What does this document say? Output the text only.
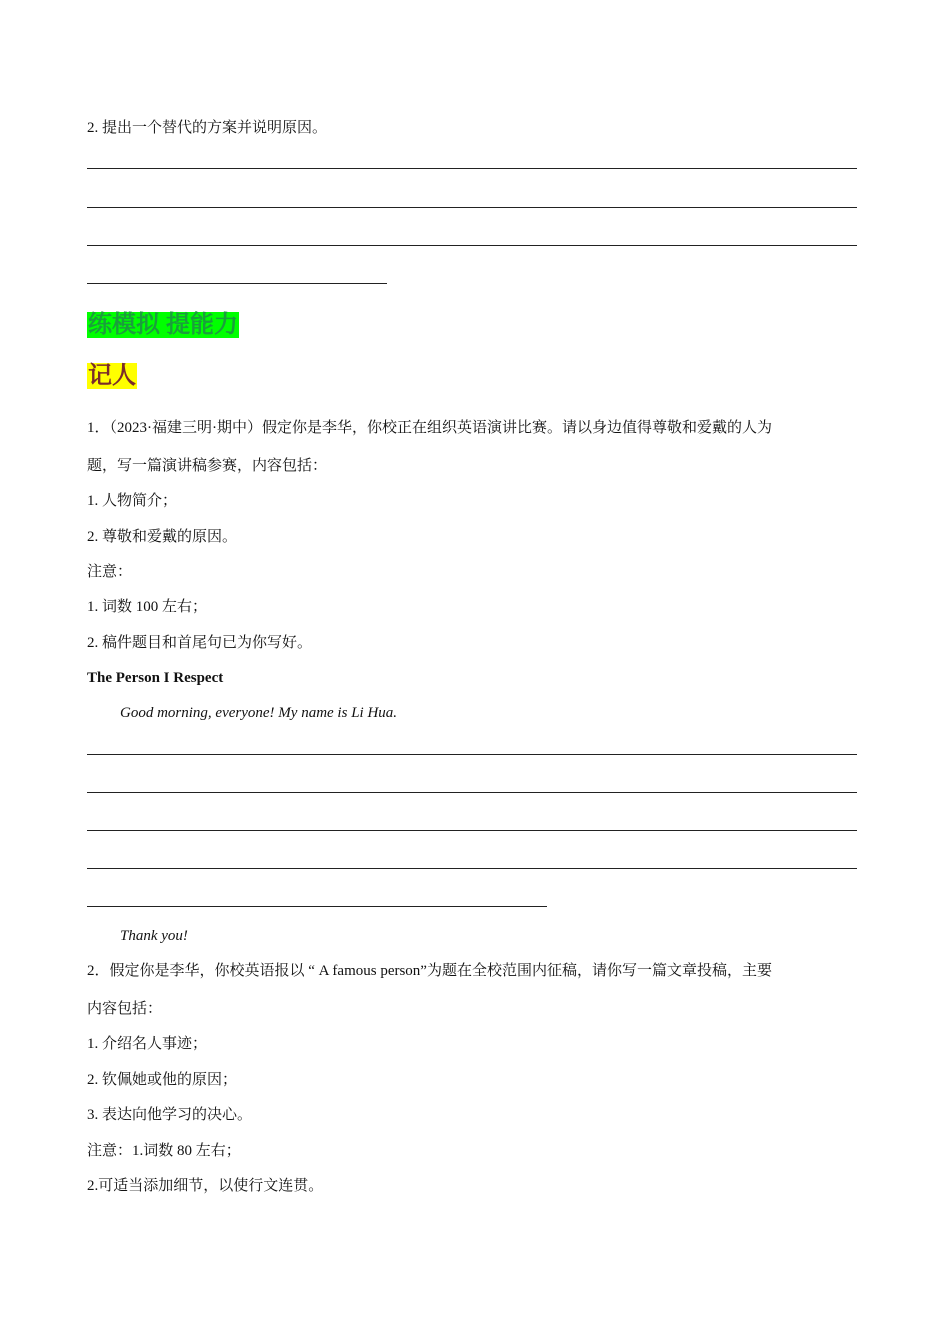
2. 提出一个替代的方案并说明原因。
练模拟 提能力
记人
1．（2023·福建三明·期中）假定你是李华，你校正在组织英语演讲比赛。请以身边值得尊敬和爱戴的人为
题，写一篇演讲稿参赛，内容包括：
1. 人物简介；
2. 尊敬和爱戴的原因。
注意：
1. 词数 100 左右；
2. 稿件题目和首尾句已为你写好。
The Person I Respect
Good morning, everyone! My name is Li Hua.
Thank you!
2．假定你是李华，你校英语报以 “ A famous person”为题在全校范围内征稿，请你写一篇文章投稿，主要
内容包括：
1. 介绍名人事迹；
2. 钦佩她或他的原因；
3. 表达向他学习的决心。
注意：1.词数 80 左右；
2.可适当添加细节，以使行文连贯。
